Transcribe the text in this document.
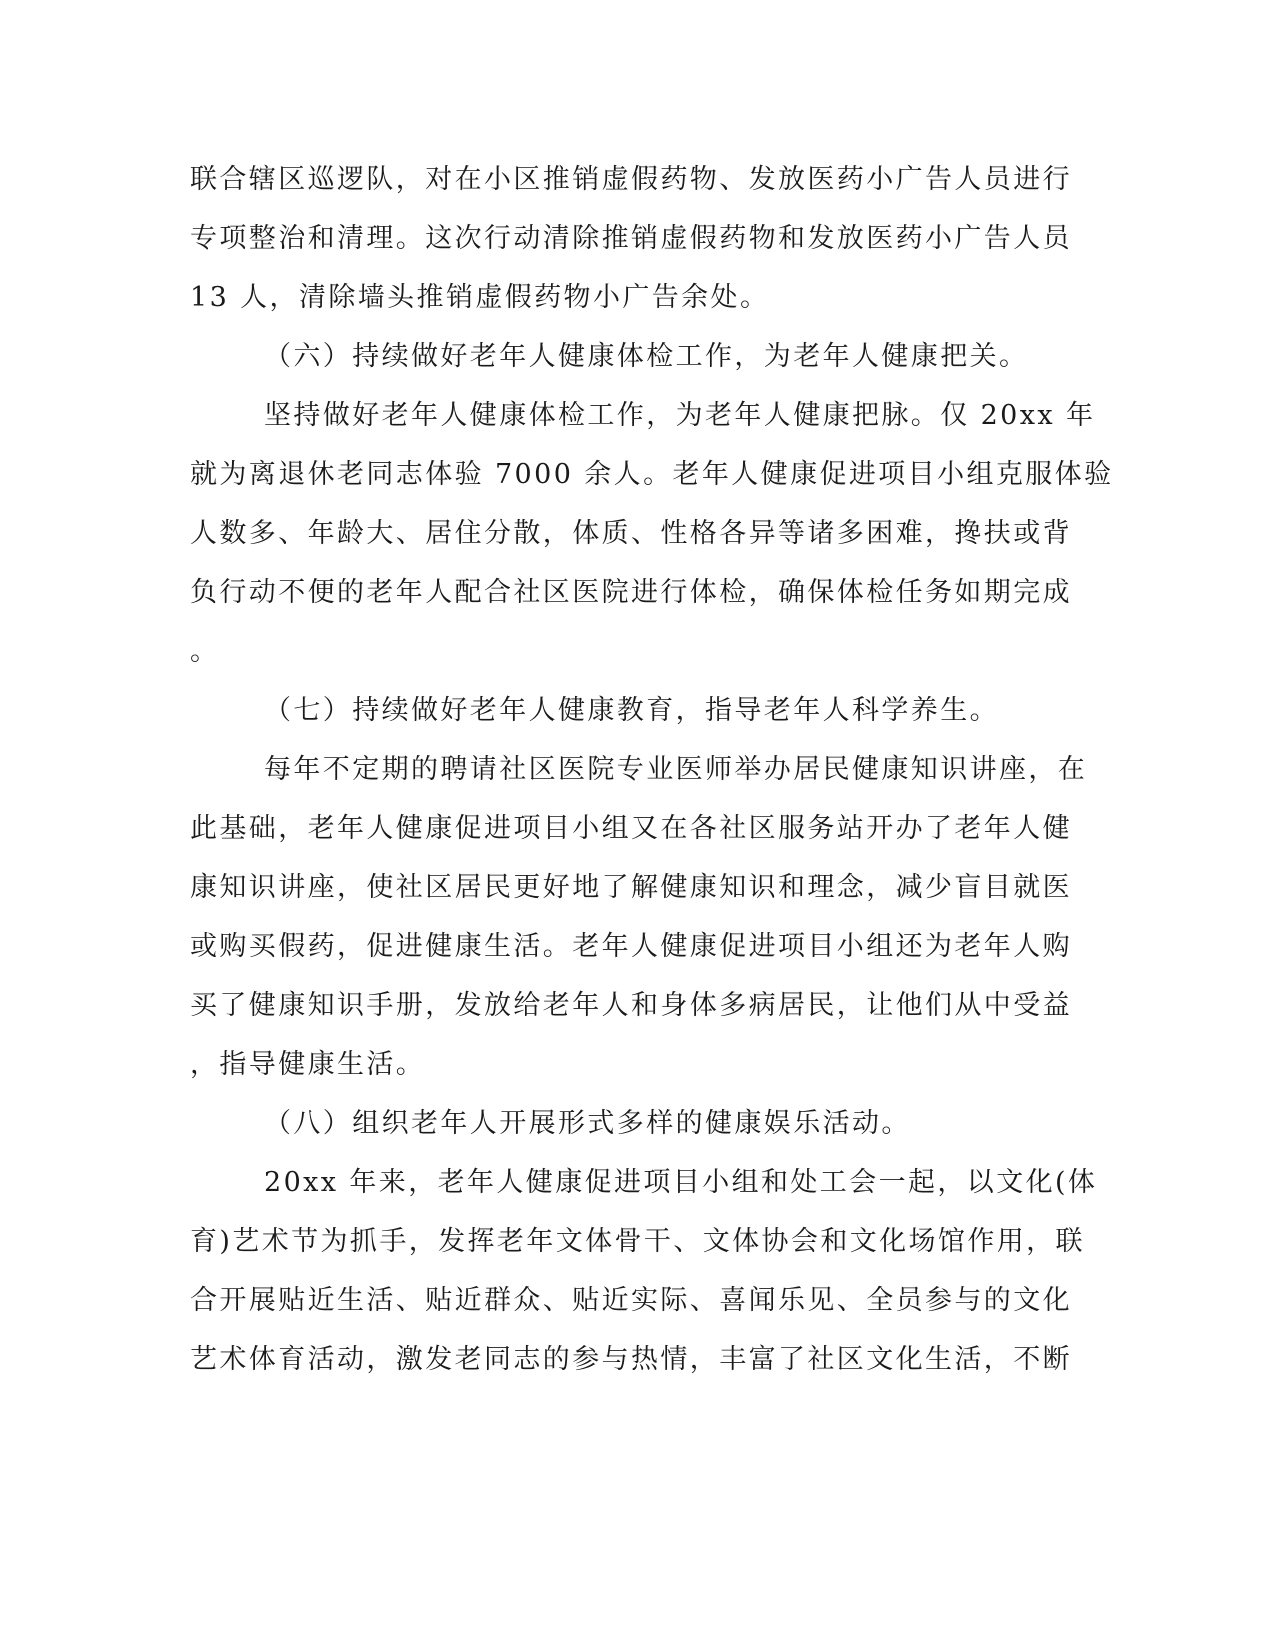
联合辖区巡逻队，对在小区推销虚假药物、发放医药小广告人员进行
专项整治和清理。这次行动清除推销虚假药物和发放医药小广告人员
13 人，清除墙头推销虚假药物小广告余处。
（六）持续做好老年人健康体检工作，为老年人健康把关。
坚持做好老年人健康体检工作，为老年人健康把脉。仅 20xx 年
就为离退休老同志体验 7000 余人。老年人健康促进项目小组克服体验
人数多、年龄大、居住分散，体质、性格各异等诸多困难，搀扶或背
负行动不便的老年人配合社区医院进行体检，确保体检任务如期完成
。
（七）持续做好老年人健康教育，指导老年人科学养生。
每年不定期的聘请社区医院专业医师举办居民健康知识讲座，在
此基础，老年人健康促进项目小组又在各社区服务站开办了老年人健
康知识讲座，使社区居民更好地了解健康知识和理念，减少盲目就医
或购买假药，促进健康生活。老年人健康促进项目小组还为老年人购
买了健康知识手册，发放给老年人和身体多病居民，让他们从中受益
，指导健康生活。
（八）组织老年人开展形式多样的健康娱乐活动。
20xx 年来，老年人健康促进项目小组和处工会一起，以文化(体
育)艺术节为抓手，发挥老年文体骨干、文体协会和文化场馆作用，联
合开展贴近生活、贴近群众、贴近实际、喜闻乐见、全员参与的文化
艺术体育活动，激发老同志的参与热情，丰富了社区文化生活，不断
